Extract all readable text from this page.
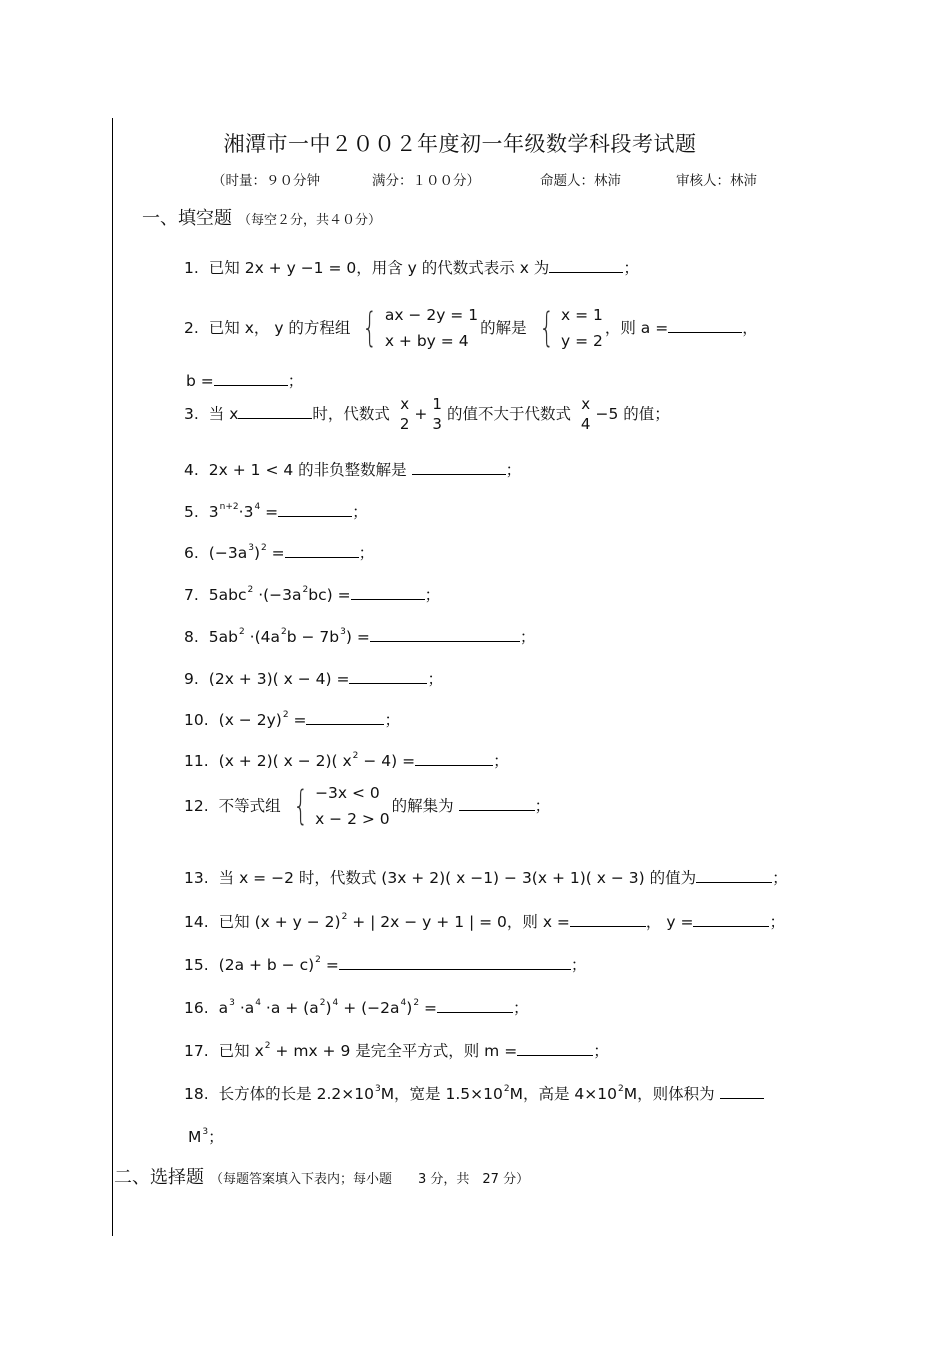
湘潭市一中２００２年度初一年级数学科段考试题
（时量：９０分钟	满分：１００分）	命题人：林沛	审核人：林沛
一、填空题 （每空２分，共４０分）
1. 已知 2x + y −1 = 0，用含 y 的代数式表示 x 为	；
2. 已知 x， y 的方程组 { ax − 2y = 1
x + by = 4
的解是 { x = 1
y = 2
，则 a =	，
b =	；
3. 当 x	时，代数式
x
2
+
1
3
的值不大于代数式
x
4
−5 的值；
4. 2x + 1 < 4 的非负整数解是	；
5. $3^{n+2}\cdot 3^4$ =	；
6. $(-3a^3)^2$ =	；
7. $5abc^2 \cdot(-3a^2bc)$ =	；
8. $5ab^2 \cdot(4a^2b - 7b^3)$ =	；
9. (2x + 3)( x − 4) =	；
10. $(x - 2y)^2$ =	；
11. (x + 2)( x − 2)( $x^2 - 4$) =	；
12. 不等式组 { −3x < 0
x − 2 > 0
的解集为	；
13. 当 x = −2 时，代数式 (3x + 2)( x −1) − 3(x + 1)( x − 3) 的值为	；
14. 已知 $(x + y - 2)^2$ + | 2x − y + 1 | = 0，则 x =	， y =	；
15. $(2a + b - c)^2$ =	；
16. $a^3 \cdot a^4 \cdot a + (a^2)^4 + (-2a^4)^2$ =	；
17. 已知 $x^2$ + mx + 9 是完全平方式，则 m =	；
18. 长方体的长是 $2.2\times 10^3M$，宽是 $1.5\times 10^2M$，高是 $4\times 10^2M$，则体积为
$M^3$；
二、选择题 （每题答案填入下表内；每小题　　3 分，共　27 分）
